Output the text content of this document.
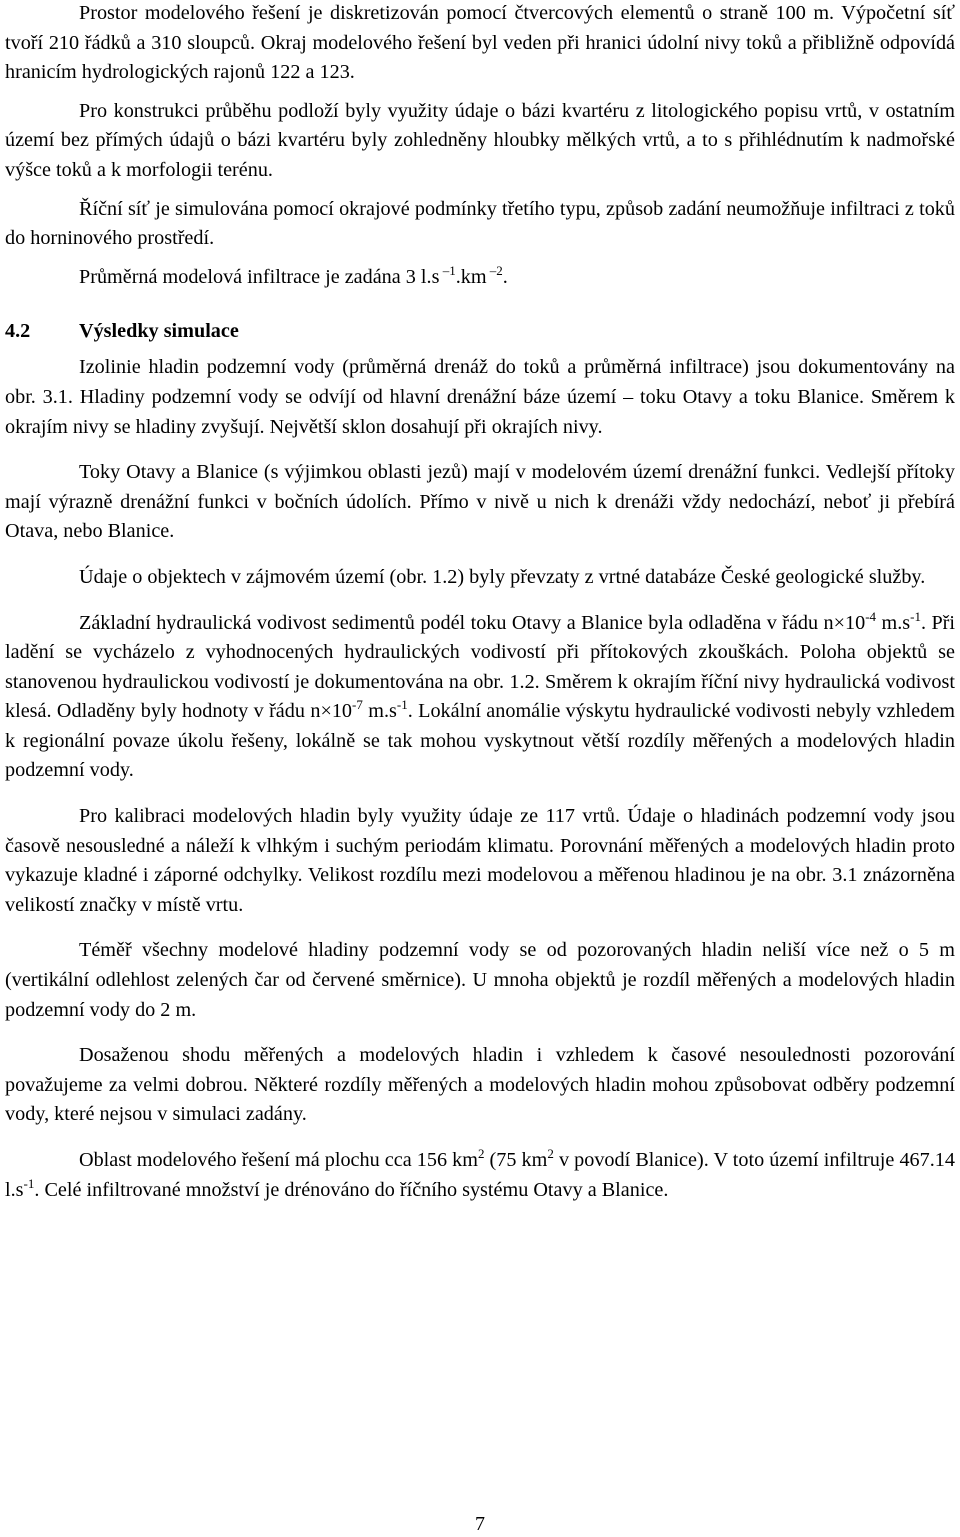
Prostor modelového řešení je diskretizován pomocí čtvercových elementů o straně 100 m. Výpočetní síť tvoří 210 řádků a 310 sloupců. Okraj modelového řešení byl veden při hranici údolní nivy toků a přibližně odpovídá hranicím hydrologických rajonů 122 a 123.

Pro konstrukci průběhu podloží byly využity údaje o bázi kvartéru z litologického popisu vrtů, v ostatním území bez přímých údajů o bázi kvartéru byly zohledněny hloubky mělkých vrtů, a to s přihlédnutím k nadmořské výšce toků a k morfologii terénu.

Říční síť je simulována pomocí okrajové podmínky třetího typu, způsob zadání neumožňuje infiltraci z toků do horninového prostředí.

Průměrná modelová infiltrace je zadána 3 l.s $^{-1}$.km $^{-2}$.

4.2	Výsledky simulace

Izolinie hladin podzemní vody (průměrná drenáž do toků a průměrná infiltrace) jsou dokumentovány na obr. 3.1. Hladiny podzemní vody se odvíjí od hlavní drenážní báze území – toku Otavy a toku Blanice. Směrem k okrajím nivy se hladiny zvyšují. Největší sklon dosahují při okrajích nivy.

Toky Otavy a Blanice (s výjimkou oblasti jezů) mají v modelovém území drenážní funkci. Vedlejší přítoky mají výrazně drenážní funkci v bočních údolích. Přímo v nivě u nich k drenáži vždy nedochází, neboť ji přebírá Otava, nebo Blanice.

Údaje o objektech v zájmovém území (obr. 1.2) byly převzaty z vrtné databáze České geologické služby.

Základní hydraulická vodivost sedimentů podél toku Otavy a Blanice byla odladěna v řádu $n\times 10^{-4}$ $m.s^{-1}$. Při ladění se vycházelo z vyhodnocených hydraulických vodivostí při přítokových zkouškách. Poloha objektů se stanovenou hydraulickou vodivostí je dokumentována na obr. 1.2. Směrem k okrajím říční nivy hydraulická vodivost klesá. Odladěny byly hodnoty v řádu $n\times 10^{-7}$ $m.s^{-1}$. Lokální anomálie výskytu hydraulické vodivosti nebyly vzhledem k regionální povaze úkolu řešeny, lokálně se tak mohou vyskytnout větší rozdíly měřených a modelových hladin podzemní vody.

Pro kalibraci modelových hladin byly využity údaje ze 117 vrtů. Údaje o hladinách podzemní vody jsou časově nesousledné a náleží k vlhkým i suchým periodám klimatu. Porovnání měřených a modelových hladin proto vykazuje kladné i záporné odchylky. Velikost rozdílu mezi modelovou a měřenou hladinou je na obr. 3.1 znázorněna velikostí značky v místě vrtu.

Téměř všechny modelové hladiny podzemní vody se od pozorovaných hladin neliší více než o 5 m (vertikální odlehlost zelených čar od červené směrnice). U mnoha objektů je rozdíl měřených a modelových hladin podzemní vody do 2 m.

Dosaženou shodu měřených a modelových hladin i vzhledem k časové nesoulednosti pozorování považujeme za velmi dobrou. Některé rozdíly měřených a modelových hladin mohou způsobovat odběry podzemní vody, které nejsou v simulaci zadány.

Oblast modelového řešení má plochu cca 156 $km^2$ (75 $km^2$ v povodí Blanice). V toto území infiltruje 467.14 $l.s^{-1}$. Celé infiltrované množství je drénováno do říčního systému Otavy a Blanice.

7
